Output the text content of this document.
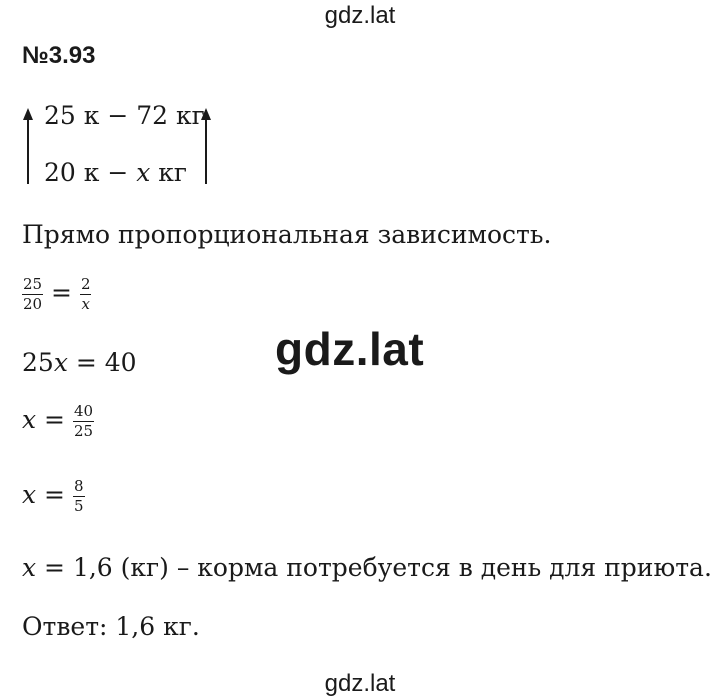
gdz.lat
№3.93
25 к − 72 кг
20 к − x кг
Прямо пропорциональная зависимость.
$\frac{25}{20} = \frac{2}{x}$
25x = 40
$x = \frac{40}{25}$
$x = \frac{8}{5}$
x = 1,6 (кг) – корма потребуется в день для приюта.
Ответ: 1,6 кг.
gdz.lat
gdz.lat
